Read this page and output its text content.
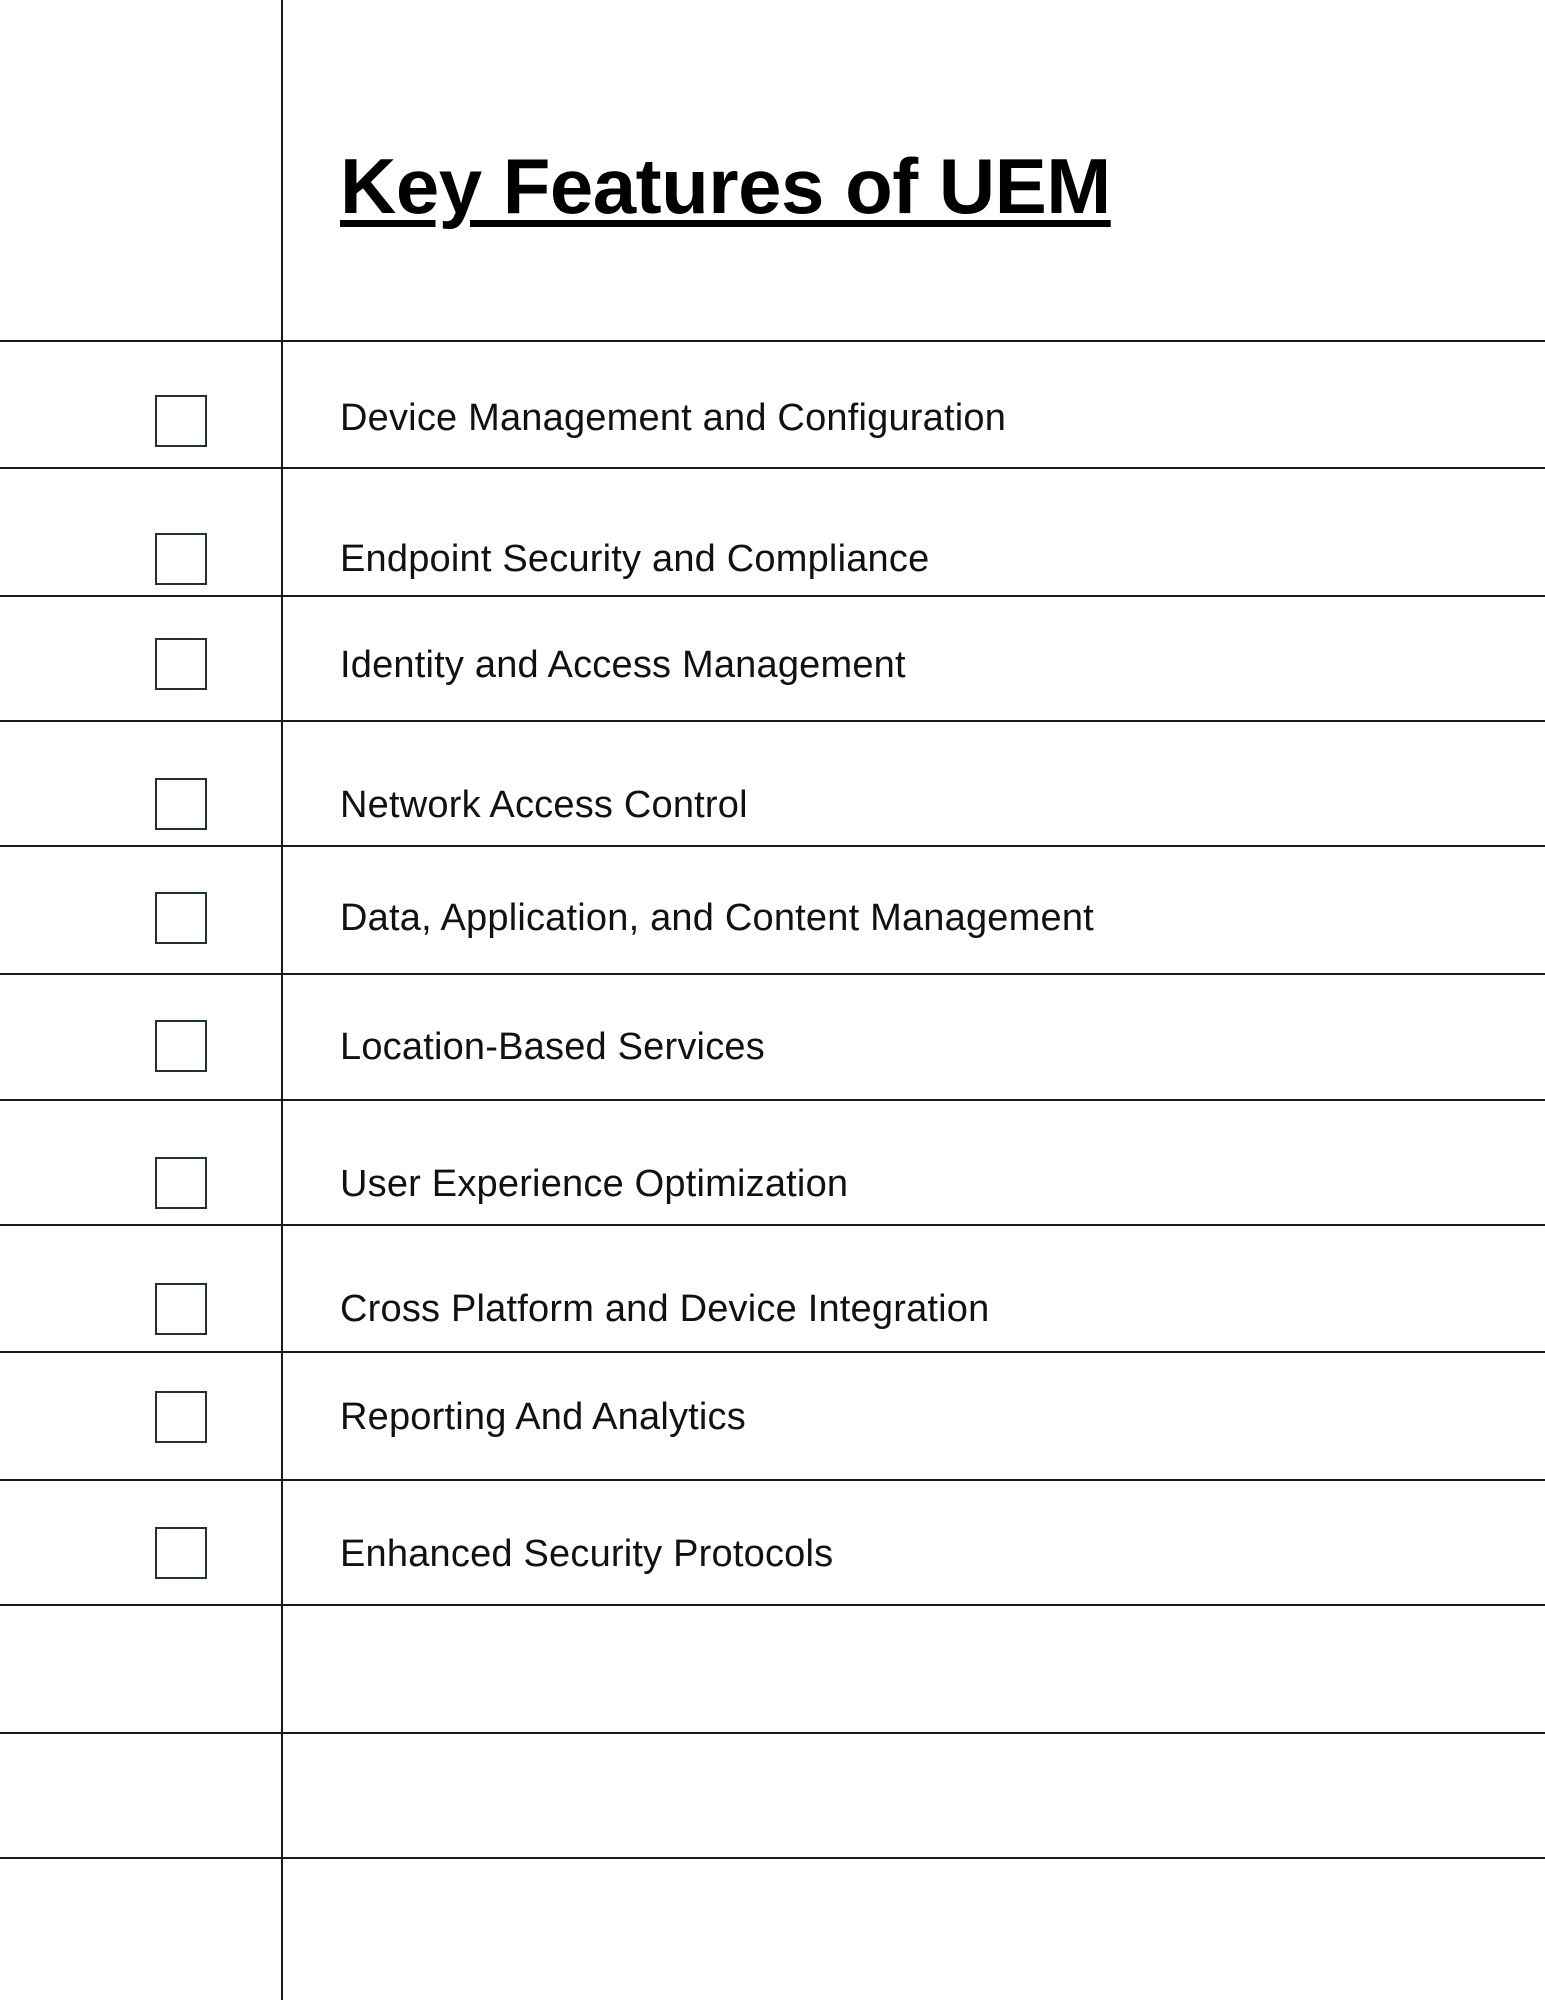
Key Features of UEM
Device Management and Configuration
Endpoint Security and Compliance
Identity and Access Management
Network Access Control
Data, Application, and Content Management
Location-Based Services
User Experience Optimization
Cross Platform and Device Integration
Reporting And Analytics
Enhanced Security Protocols
